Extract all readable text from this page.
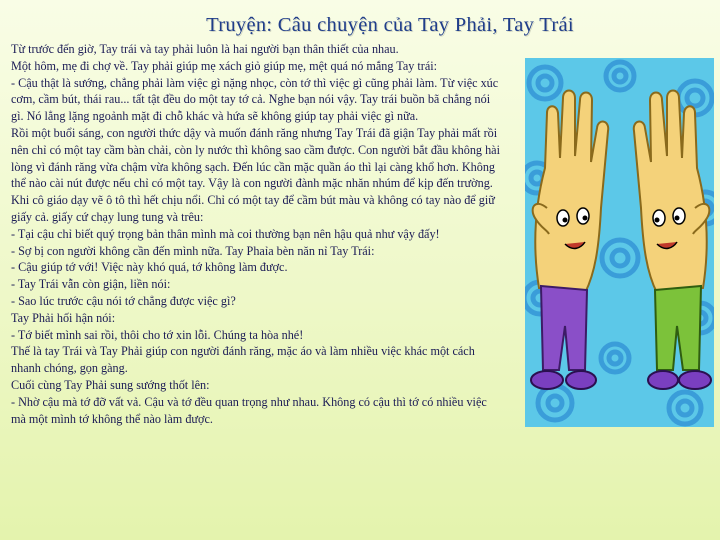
Truyện: Câu chuyện của Tay Phải, Tay Trái

Từ trước đến giờ, Tay trái và tay phải luôn là hai người bạn thân thiết của nhau.

Một hôm, mẹ đi chợ về. Tay phải giúp mẹ xách giỏ giúp mẹ, mệt quá nó mắng Tay trái:

- Cậu thật là sướng, chẳng phải làm việc gì nặng nhọc, còn tớ thì việc gì cũng phải làm. Từ việc xúc cơm, cầm bút, thái rau... tất tật đều do một tay tớ cả. Nghe bạn nói vậy. Tay trái buồn bã chẳng nói gì. Nó lẳng lặng ngoảnh mặt đi chỗ khác và hứa sẽ không giúp tay phải việc gì nữa.

Rồi một buổi sáng, con người thức dậy và muốn đánh răng nhưng Tay Trái đã giận Tay phải mất rồi nên chỉ có một tay cầm bàn chải, còn ly nước thì không sao cầm được. Con người bắt đầu không hài lòng vì đánh răng vừa chậm vừa không sạch. Đến lúc cần mặc quần áo thì lại càng khổ hơn. Không thể nào cài nút được nếu chỉ có một tay. Vậy là con người đành mặc nhăn nhúm để kịp đến trường. Khi cô giáo dạy vẽ ô tô thì hết chịu nổi. Chỉ có một tay để cầm bút màu và không có tay nào để giữ giấy cả. giấy cứ chạy lung tung và trêu:

- Tại cậu chỉ biết quý trọng bản thân mình mà coi thường bạn nên hậu quả như vậy đấy!

- Sợ bị con người không cần đến mình nữa. Tay Phaỉa bèn năn nỉ Tay Trái:

- Cậu giúp tớ với! Việc này khó quá, tớ không làm được.

- Tay Trái vẫn còn giận, liền nói:

- Sao lúc trước cậu nói tớ chẳng được việc gì?

Tay Phải hối hận nói:

- Tớ biết mình sai rồi, thôi cho tớ xin lỗi. Chúng ta hòa nhé!

Thế là tay Trái và Tay Phải giúp con người đánh răng, mặc áo và làm nhiều việc khác một cách nhanh chóng, gọn gàng.

Cuối cùng Tay Phải sung sướng thốt lên:

- Nhờ cậu mà tớ đỡ vất vả. Cậu và tớ đều quan trọng như nhau. Không có cậu thì tớ có nhiều việc mà một mình tớ không thể nào làm được.
